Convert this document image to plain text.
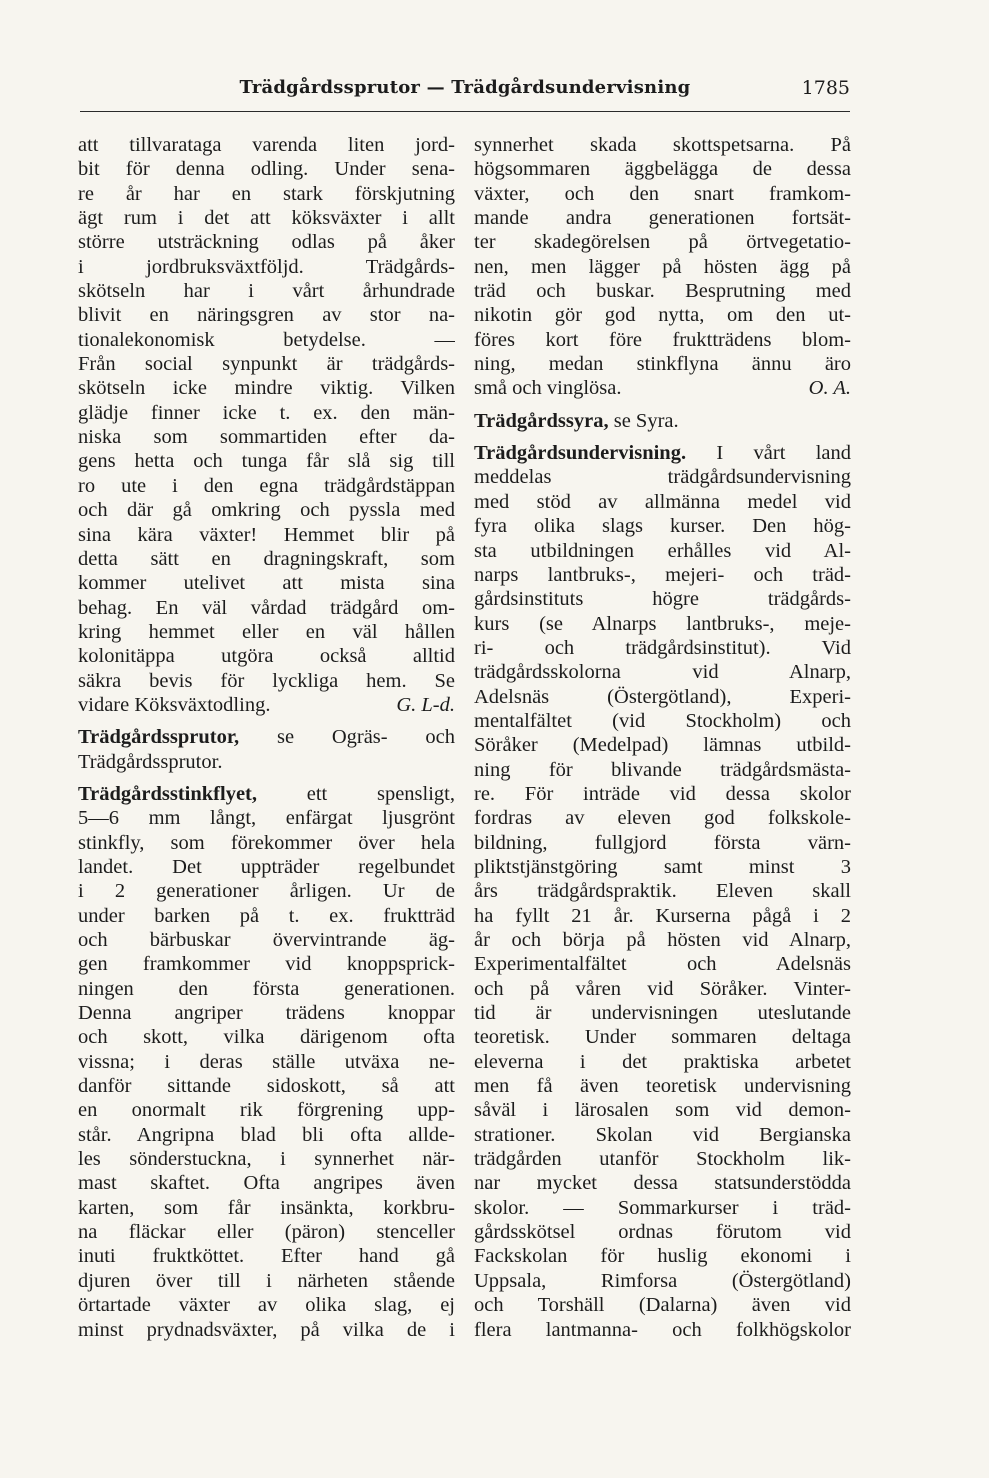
Trädgårdssprutor — Trädgårdsundervisning	1785
att tillvarataga varenda liten jord-
bit för denna odling. Under sena-
re år har en stark förskjutning
ägt rum i det att köksväxter i allt
större utsträckning odlas på åker
i jordbruksväxtföljd. Trädgårds-
skötseln har i vårt århundrade
blivit en näringsgren av stor na-
tionalekonomisk betydelse. —
Från social synpunkt är trädgårds-
skötseln icke mindre viktig. Vilken
glädje finner icke t. ex. den män-
niska som sommartiden efter da-
gens hetta och tunga får slå sig till
ro ute i den egna trädgårdstäppan
och där gå omkring och pyssla med
sina kära växter! Hemmet blir på
detta sätt en dragningskraft, som
kommer utelivet att mista sina
behag. En väl vårdad trädgård om-
kring hemmet eller en väl hållen
kolonitäppa utgöra också alltid
säkra bevis för lyckliga hem. Se
vidare Köksväxtodling.	G. L-d.
Trädgårdssprutor, se Ogräs- och
Trädgårdssprutor.
Trädgårdsstinkflyet, ett spensligt,
5—6 mm långt, enfärgat ljusgrönt
stinkfly, som förekommer över hela
landet. Det uppträder regelbundet
i 2 generationer årligen. Ur de
under barken på t. ex. fruktträd
och bärbuskar övervintrande äg-
gen framkommer vid knoppsprick-
ningen den första generationen.
Denna angriper trädens knoppar
och skott, vilka därigenom ofta
vissna; i deras ställe utväxa ne-
danför sittande sidoskott, så att
en onormalt rik förgrening upp-
står. Angripna blad bli ofta allde-
les sönderstuckna, i synnerhet när-
mast skaftet. Ofta angripes även
karten, som får insänkta, korkbru-
na fläckar eller (päron) stenceller
inuti fruktköttet. Efter hand gå
djuren över till i närheten stående
örtartade växter av olika slag, ej
minst prydnadsväxter, på vilka de i
synnerhet skada skottspetsarna. På
högsommaren äggbelägga de dessa
växter, och den snart framkom-
mande andra generationen fortsät-
ter skadegörelsen på örtvegetatio-
nen, men lägger på hösten ägg på
träd och buskar. Besprutning med
nikotin gör god nytta, om den ut-
föres kort före fruktträdens blom-
ning, medan stinkflyna ännu äro
små och vinglösa.	O. A.
Trädgårdssyra, se Syra.
Trädgårdsundervisning. I vårt land
meddelas trädgårdsundervisning
med stöd av allmänna medel vid
fyra olika slags kurser. Den hög-
sta utbildningen erhålles vid Al-
narps lantbruks-, mejeri- och träd-
gårdsinstituts högre trädgårds-
kurs (se Alnarps lantbruks-, meje-
ri- och trädgårdsinstitut). Vid
trädgårdsskolorna vid Alnarp,
Adelsnäs (Östergötland), Experi-
mentalfältet (vid Stockholm) och
Söråker (Medelpad) lämnas utbild-
ning för blivande trädgårdsmästa-
re. För inträde vid dessa skolor
fordras av eleven god folkskole-
bildning, fullgjord första värn-
pliktstjänstgöring samt minst 3
års trädgårdspraktik. Eleven skall
ha fyllt 21 år. Kurserna pågå i 2
år och börja på hösten vid Alnarp,
Experimentalfältet och Adelsnäs
och på våren vid Söråker. Vinter-
tid är undervisningen uteslutande
teoretisk. Under sommaren deltaga
eleverna i det praktiska arbetet
men få även teoretisk undervisning
såväl i lärosalen som vid demon-
strationer. Skolan vid Bergianska
trädgården utanför Stockholm lik-
nar mycket dessa statsunderstödda
skolor. — Sommarkurser i träd-
gårdsskötsel ordnas förutom vid
Fackskolan för huslig ekonomi i
Uppsala, Rimforsa (Östergötland)
och Torshäll (Dalarna) även vid
flera lantmanna- och folkhögskolor
